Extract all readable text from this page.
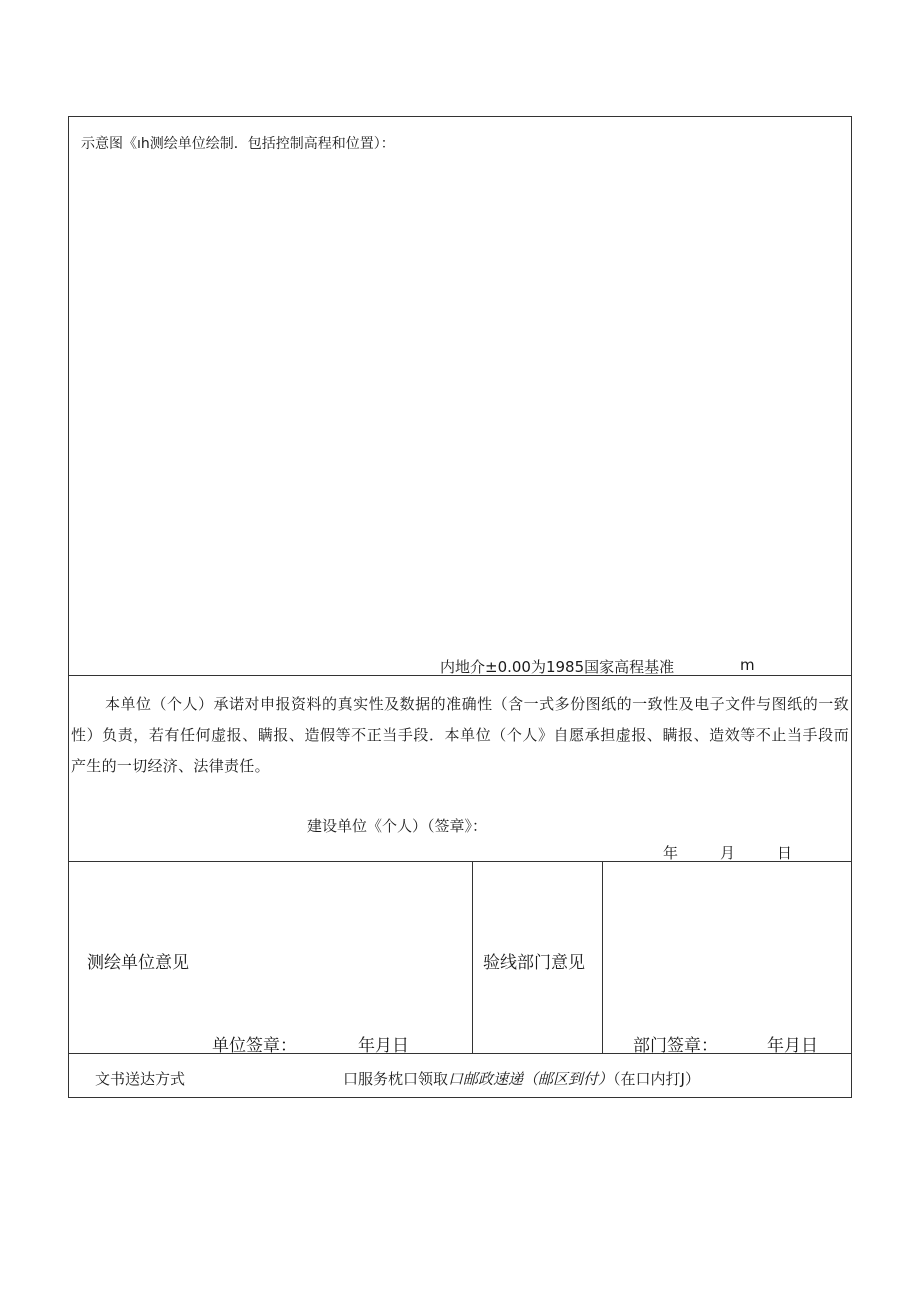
示意图《ıh测绘单位绘制．包括控制高程和位置）：
内地介±0.00为1985国家高程基准	m
本单位（个人）承诺对申报资料的真实性及数据的准确性（含一式多份图纸的一致性及电子文件与图纸的一致性）负责，若有任何虚报、瞒报、造假等不正当手段．本单位（个人》自愿承担虚报、瞒报、造效等不止当手段而产生的一切经济、法律责任。
建设单位《个人）（签章》：
年	月	日
测绘单位意见
单位签章：	年月日
验线部门意见
部门签章：	年月日
文书送达方式	口服务枕口领取口邮政速递（邮区到付）（在口内打J）
